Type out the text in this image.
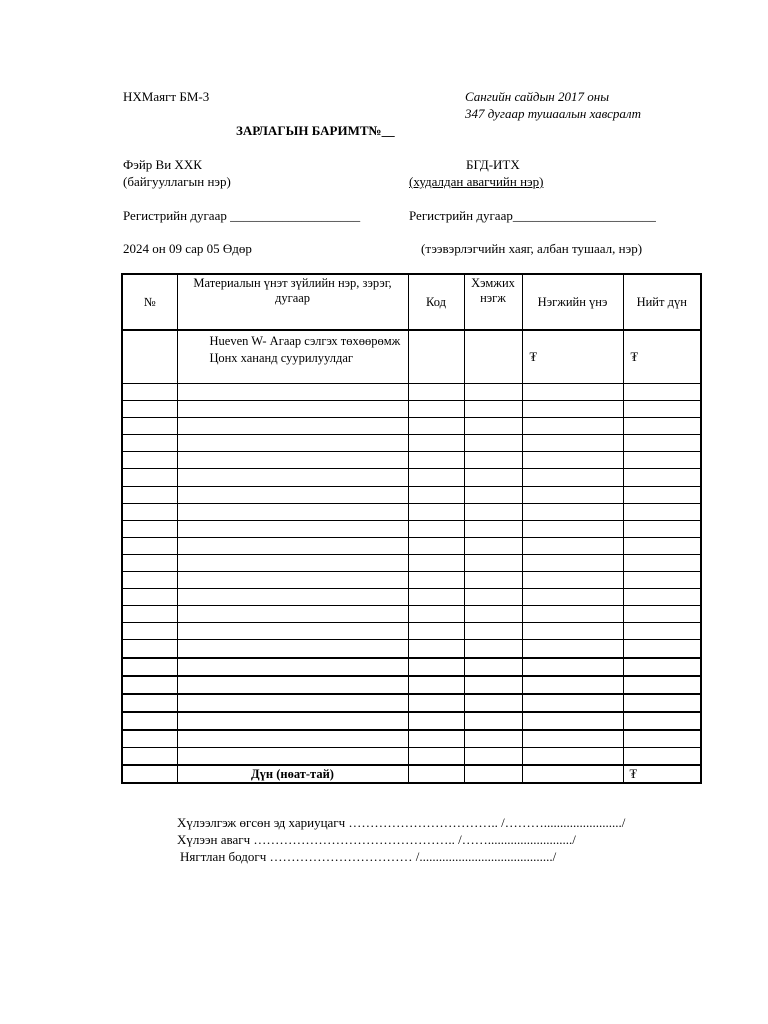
НХМаягт БМ-3	Сангийн сайдын 2017 оны
347 дугаар тушаалын хавсралт
ЗАРЛАГЫН БАРИМТ№__
Фэйр Ви ХХК
(байгууллагын нэр)
БГД-ИТХ
(худалдан авагчийн нэр)
Регистрийн дугаар ____________________	Регистрийн дугаар______________________
2024 он 09 сар 05 Өдөр	(тээвэрлэгчийн хаяг, албан тушаал, нэр)
№	Материалын үнэт зүйлийн нэр, зэрэг, дугаар	Код	Хэмжих нэгж	Нэгжийн үнэ	Нийт дүн
	Hueven W- Агаар сэлгэх төхөөрөмж Цонх хананд суурилуулдаг			₮	₮

	Дүн (нөат-тай)				₮
Хүлээлгэж өгсөн эд хариуцагч …………………………….. /………......................../
Хүлээн авагч ……………………………………….. /……........................../
Нягтлан бодогч …………………………… /........................................./
